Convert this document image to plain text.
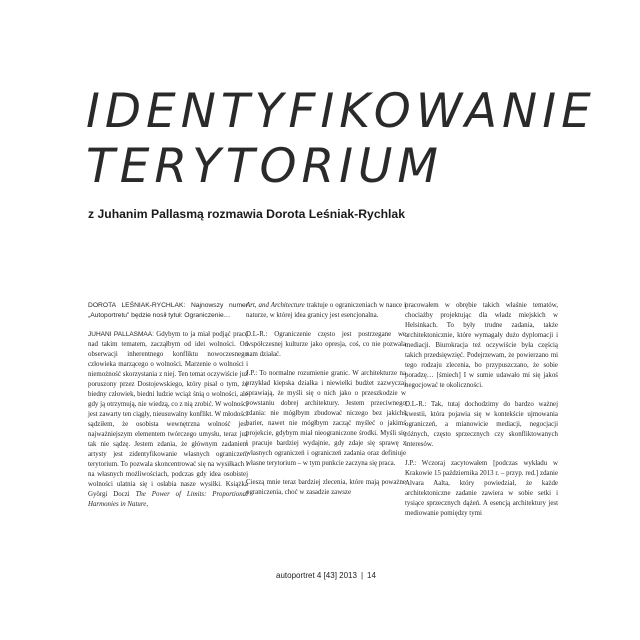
IDENTYFIKOWANIE
TERYTORIUM
z Juhanim Pallasmą rozmawia Dorota Leśniak-Rychlak

DOROTA LEŚNIAK-RYCHLAK: Najnowszy numer „Autoportretu” będzie nosił tytuł: Ograniczenie…

JUHANI PALLASMAA: Gdybym to ja miał podjąć pracę nad takim tematem, zacząłbym od idei wolności. Od obserwacji inherentnego konfliktu nowoczesnego człowieka marzącego o wolności. Marzenie o wolności i niemożność skorzystania z niej. Ten temat oczywiście już poruszony przez Dostojewskiego, który pisał o tym, że biedny człowiek, biedni ludzie wciąż śnią o wolności, ale gdy ją otrzymują, nie wiedzą, co z nią zrobić. W wolności jest zawarty ten ciągły, nieusuwalny konflikt. W młodości sądziłem, że osobista wewnętrzna wolność jest najważniejszym elementem twórczego umysłu, teraz już tak nie sądzę. Jestem zdania, że głównym zadaniem artysty jest zidentyfikowanie własnych ograniczeń, terytorium. To pozwala skoncentrować się na wysiłkach i na własnych możliwościach, podczas gdy idea osobistej wolności ulatnia się i osłabia nasze wysiłki. Książka Györgi Doczi The Power of Limits: Proportional Harmonies in Nature,

Art, and Architecture traktuje o ograniczeniach w nauce i naturze, w której idea granicy jest esencjonalna.

D.L-R.: Ograniczenie często jest postrzegane we współczesnej kulturze jako opresja, coś, co nie pozwala nam działać.

J.P.: To normalne rozumienie granic. W architekturze na przykład kiepska działka i niewielki budżet zazwyczaj sprawiają, że myśli się o nich jako o przeszkodzie w powstaniu dobrej architektury. Jestem przeciwnego zdania: nie mógłbym zbudować niczego bez jakichś barier, nawet nie mógłbym zacząć myśleć o jakimś projekcie, gdybym miał nieograniczone środki. Myśli się i pracuje bardziej wydajnie, gdy zdaje się sprawę z własnych ograniczeń i ograniczeń zadania oraz definiuje własne terytorium – w tym punkcie zaczyna się praca.

Cieszą mnie teraz bardziej zlecenia, które mają poważne ograniczenia, choć w zasadzie zawsze

pracowałem w obrębie takich właśnie tematów, chociażby projektując dla władz miejskich w Helsinkach. To były trudne zadania, także architektonicznie, które wymagały dużo dyplomacji i mediacji. Biurokracja też oczywiście była częścią takich przedsięwzięć. Podejrzewam, że powierzano mi tego rodzaju zlecenia, bo przypuszczano, że sobie poradzę… [śmiech] I w sumie udawało mi się jakoś negocjować te okoliczności.

D.L-R.: Tak, tutaj dochodzimy do bardzo ważnej kwestii, która pojawia się w kontekście ujmowania ograniczeń, a mianowicie mediacji, negocjacji różnych, często sprzecznych czy skonfliktowanych interesów.

J.P.: Wczoraj zacytowałem [podczas wykładu w Krakowie 15 października 2013 r. – przyp. red.] zdanie Alvara Aalta, który powiedział, że każde architektoniczne zadanie zawiera w sobie setki i tysiące sprzecznych dążeń. A esencją architektury jest mediowanie pomiędzy tymi

autoportret 4 [43] 2013 | 14
